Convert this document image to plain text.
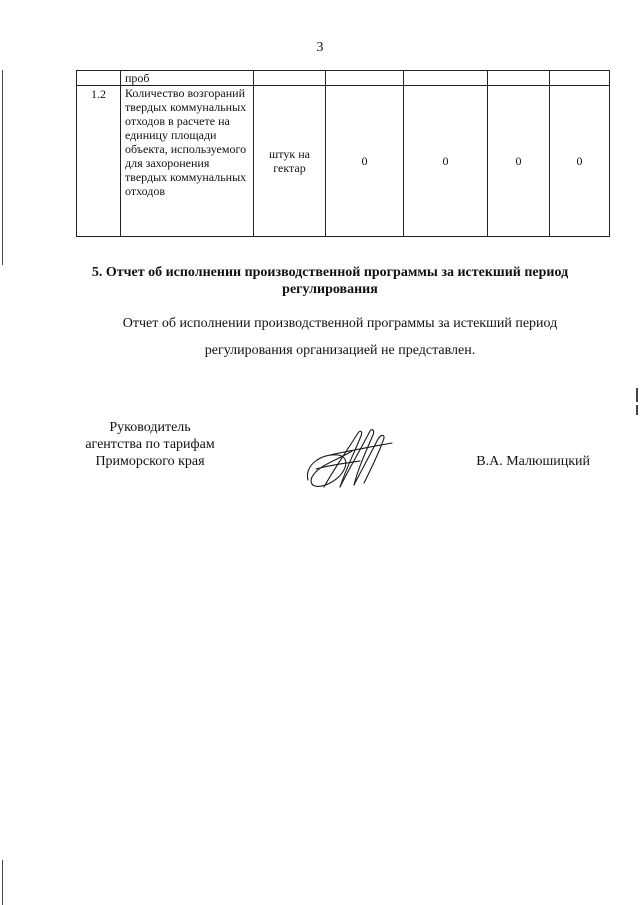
3
	проб					
1.2	Количество возгораний твердых коммунальных отходов в расчете на единицу площади объекта, используемого для захоронения твердых коммунальных отходов	штук на гектар	0	0	0	0
5. Отчет об исполнении производственной программы за истекший период регулирования
Отчет об исполнении производственной программы за истекший период
регулирования организацией не представлен.
Руководитель
агентства по тарифам
Приморского края	В.А. Малюшицкий
